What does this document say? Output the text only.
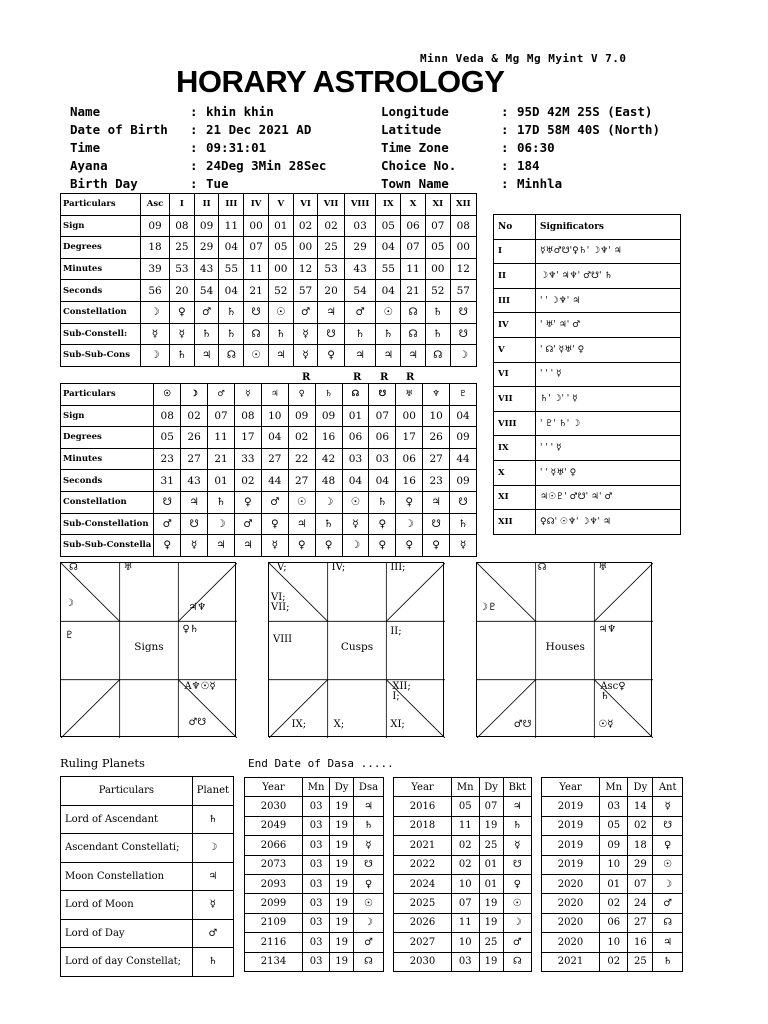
Minn Veda & Mg Mg Myint V 7.0
HORARY ASTROLOGY
Name	: khin khin
Date of Birth	: 21 Dec 2021 AD
Time	: 09:31:01
Ayana	: 24Deg 3Min 28Sec
Birth Day	: Tue
Longitude	: 95D 42M 25S (East)
Latitude	: 17D 58M 40S (North)
Time Zone	: 06:30
Choice No.	: 184
Town Name	: Minhla
Particulars	Asc	I	II	III	IV	V	VI	VII	VIII	IX	X	XI	XII
Sign	09	08	09	11	00	01	02	02	03	05	06	07	08
Degrees	18	25	29	04	07	05	00	25	29	04	07	05	00
Minutes	39	53	43	55	11	00	12	53	43	55	11	00	12
Seconds	56	20	54	04	21	52	57	20	54	04	21	52	57
Constellation	☽	♀	♂	♄	☋	☉	♂	♃	♂	☉	☊	♄	☋
Sub-Constell:	☿	☿	♄	♄	☊	♄	☿	☋	♄	♄	☊	♄	☋
Sub-Sub-Cons	☽	♄	♃	☊	☉	♃	☿	♀	♃	♃	♃	☊	☽
R	R R R
Particulars	☉	☽	♂	☿	♃	♀	♄	☊	☋	♅	♆	♇
Sign	08	02	07	08	10	09	09	01	07	00	10	04
Degrees	05	26	11	17	04	02	16	06	06	17	26	09
Minutes	23	27	21	33	27	22	42	03	03	06	27	44
Seconds	31	43	01	02	44	27	48	04	04	16	23	09
Constellation	☋	♃	♄	♀	♂	☉	☽	☉	♄	♀	♃	☋
Sub-Constellation	♂	☋	☽	♂	♀	♃	♄	☿	♀	☽	☋	♄
Sub-Sub-Constella	♀	☿	♃	♃	☿	♀	♀	☽	♀	♀	♀	☿
No	Significators
I	☿♅♂☋'♀♄' ☽♆' ♃
II	☽♆' ♃♆' ♂☋' ♄
III	' ' ☽♆' ♃
IV	' ♅' ♃' ♂
V	' ☊' ☿♅' ♀
VI	' ' ' ☿
VII	♄' ☽' ' ☿
VIII	' ♇' ♄' ☽
IX	' ' ' ☿
X	' ' ☿♅' ♀
XI	♃☉♇' ♂☋' ♃' ♂
XII	♀☊' ☉♆' ☽♆' ♃
Signs
☊
☽
♅
♃♆
♇
♀♄
A♆☉☿
♂☋
Cusps
V;
VI;
VII;
IV;	III;
VIII
II;
IX;	X;
XII;
I;
XI;
Houses
☽♇
☊	♅
♃♆
Asc♀
♄
♂☋	☉☿
Ruling Planets
Particulars	Planet
Lord of Ascendant	♄
Ascendant Constellati;	☽
Moon Constellation	♃
Lord of Moon	☿
Lord of Day	♂
Lord of day Constellat;	♄
End Date of Dasa .....
Year	Mn	Dy	Dsa
2030	03	19	♃
2049	03	19	♄
2066	03	19	☿
2073	03	19	☋
2093	03	19	♀
2099	03	19	☉
2109	03	19	☽
2116	03	19	♂
2134	03	19	☊
Year	Mn	Dy	Bkt
2016	05	07	♃
2018	11	19	♄
2021	02	25	☿
2022	02	01	☋
2024	10	01	♀
2025	07	19	☉
2026	11	19	☽
2027	10	25	♂
2030	03	19	☊
Year	Mn	Dy	Ant
2019	03	14	☿
2019	05	02	☋
2019	09	18	♀
2019	10	29	☉
2020	01	07	☽
2020	02	24	♂
2020	06	27	☊
2020	10	16	♃
2021	02	25	♄
